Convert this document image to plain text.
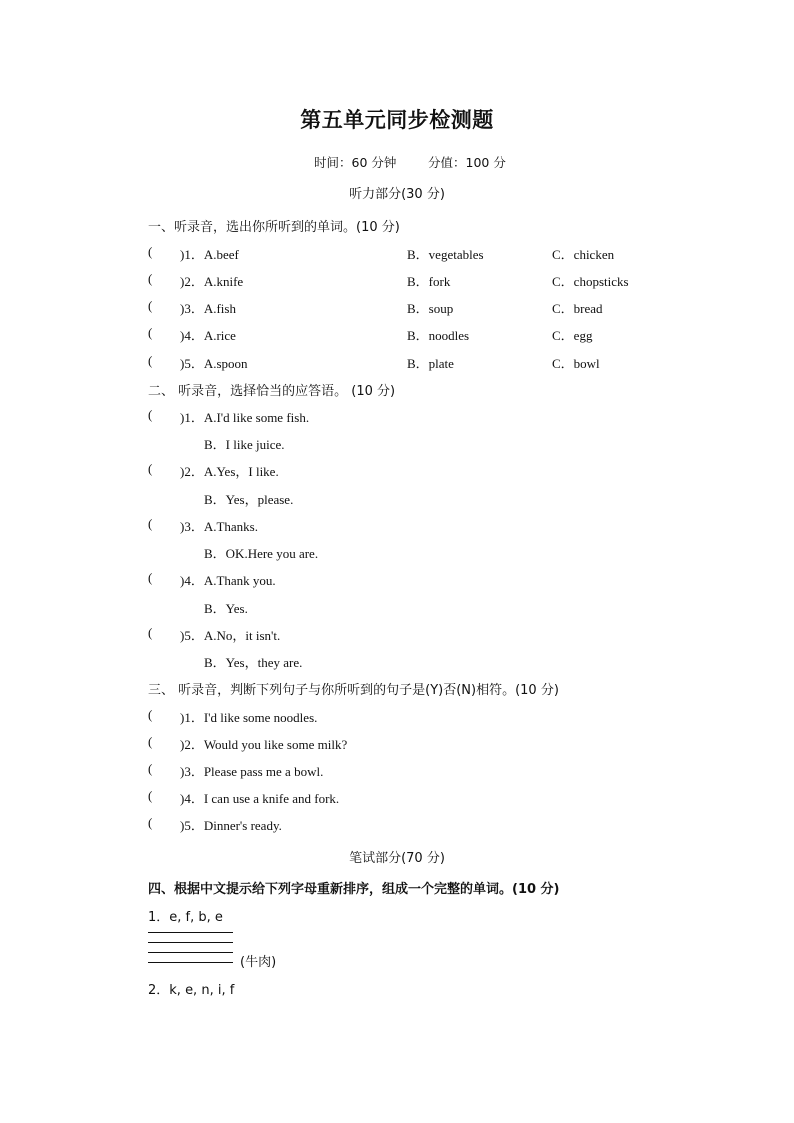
第五单元同步检测题
时间：60 分钟	分值：100 分
听力部分(30 分)
一、听录音，选出你所听到的单词。(10 分)
( )1．A.beef	B．vegetables	C．chicken
( )2．A.knife	B．fork	C．chopsticks
( )3．A.fish	B．soup	C．bread
( )4．A.rice	B．noodles	C．egg
( )5．A.spoon	B．plate	C．bowl
二、 听录音，选择恰当的应答语。 (10 分)
( )1．A.I'd like some fish.
B．I like juice.
( )2．A.Yes，I like.
B．Yes，please.
( )3．A.Thanks.
B．OK.Here you are.
( )4．A.Thank you.
B．Yes.
( )5．A.No，it isn't.
B．Yes，they are.
三、 听录音，判断下列句子与你所听到的句子是(Y)否(N)相符。(10 分)
( )1．I'd like some noodles.
( )2．Would you like some milk?
( )3．Please pass me a bowl.
( )4．I can use a knife and fork.
( )5．Dinner's ready.
笔试部分(70 分)
四、根据中文提示给下列字母重新排序，组成一个完整的单词。(10 分)
1．e, f, b, e
(牛肉)
2．k, e, n, i, f
